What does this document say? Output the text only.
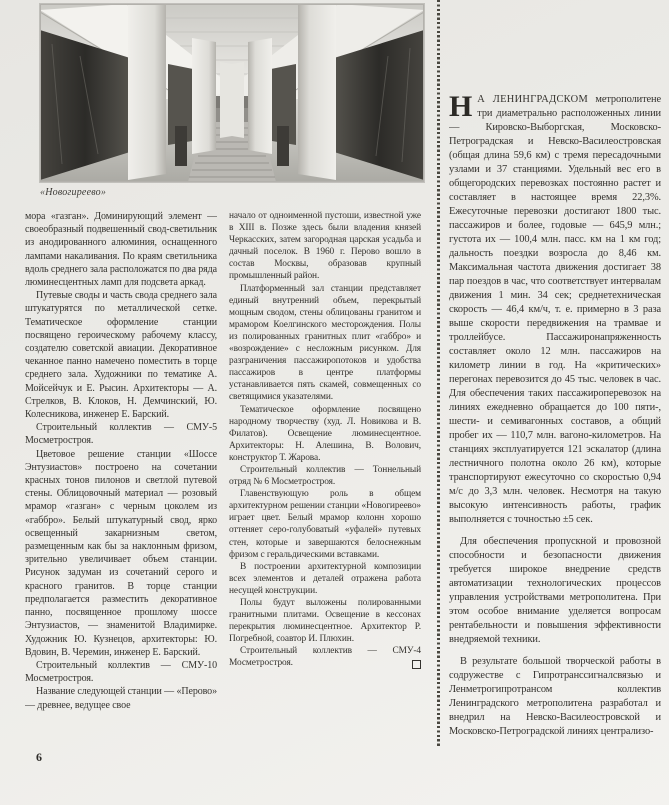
«Новогиреево»

мора «газган». Доминирующий элемент — своеобразный подвешенный свод-светильник из анодированного алюминия, оснащенного лампами накаливания. По краям светильника вдоль среднего зала расположатся по два ряда люминесцентных ламп для подсвета аркад.

Путевые своды и часть свода среднего зала штукатурятся по металлической сетке. Тематическое оформление станции посвящено героическому рабочему классу, создателю советской авиации. Декоративное чеканное панно намечено поместить в торце среднего зала. Художники по тематике А. Мойсейчук и Е. Рысин. Архитекторы — А. Стрелков, В. Клоков, Н. Демчинский, Ю. Колесникова, инженер Е. Барский.

Строительный коллектив — СМУ-5 Мосметростроя.

Цветовое решение станции «Шоссе Энтузиастов» построено на сочетании красных тонов пилонов и светлой путевой стены. Облицовочный материал — розовый мрамор «газган» с черным цоколем из «габбро». Белый штукатурный свод, ярко освещенный закарнизным светом, размещенным как бы за наклонным фризом, зрительно увеличивает объем станции. Рисунок задуман из сочетаний серого и красного гранитов. В торце станции предполагается разместить декоративное панно, посвященное прошлому шоссе Энтузиастов, — знаменитой Владимирке. Художник Ю. Кузнецов, архитекторы: Ю. Вдовин, В. Черемин, инженер Е. Барский.

Строительный коллектив — СМУ-10 Мосметростроя.

Название следующей станции — «Перово» — древнее, ведущее свое

начало от одноименной пустоши, известной уже в XIII в. Позже здесь были владения князей Черкасских, затем загородная царская усадьба и дачный поселок. В 1960 г. Перово вошло в состав Москвы, образовав крупный промышленный район.

Платформенный зал станции представляет единый внутренний объем, перекрытый мощным сводом, стены облицованы гранитом и мрамором Коелгинского месторождения. Полы из полированных гранитных плит «габбро» и «возрождение» с несложным рисунком. Для разграничения пассажиропотоков и удобства пассажиров в центре платформы устанавливается пять скамей, совмещенных со светящимися указателями.

Тематическое оформление посвящено народному творчеству (худ. Л. Новикова и В. Филатов). Освещение люминесцентное. Архитекторы: Н. Алешина, В. Волович, конструктор Т. Жарова.

Строительный коллектив — Тоннельный отряд № 6 Мосметростроя.

Главенствующую роль в общем архитектурном решении станции «Новогиреево» играет цвет. Белый мрамор колонн хорошо оттеняет серо-голубоватый «уфалей» путевых стен, которые и завершаются белоснежным фризом с геральдическими вставками.

В построении архитектурной композиции всех элементов и деталей отражена работа несущей конструкции.

Полы будут выложены полированными гранитными плитами. Освещение в кессонах перекрытия люминесцентное. Архитектор Р. Погребной, соавтор И. Плюхин.

Строительный коллектив — СМУ-4 Мосметростроя.

Н А ЛЕНИНГРАДСКОМ метрополитене три диаметрально расположенных линии — Кировско-Выборгская, Московско-Петроградская и Невско-Василеостровская (общая длина 59,6 км) с тремя пересадочными узлами и 37 станциями. Удельный вес его в общегородских перевозках постоянно растет и составляет в настоящее время 22,3%. Ежесуточные перевозки достигают 1800 тыс. пассажиров и более, годовые — 645,9 млн.; густота их — 100,4 млн. пасс. км на 1 км год; дальность поездки возросла до 8,46 км. Максимальная частота движения достигает 38 пар поездов в час, что соответствует интервалам движения 1 мин. 34 сек; среднетехническая скорость — 46,4 км/ч, т. е. примерно в 3 раза выше скорости передвижения на трамвае и троллейбусе. Пассажиронапряженность составляет около 12 млн. пассажиров на километр линии в год. На «критических» перегонах перевозится до 45 тыс. человек в час. Для обеспечения таких пассажироперевозок на линиях ежедневно обращается до 100 пяти-, шести- и семивагонных составов, а общий пробег их — 110,7 млн. вагоно-километров. На станциях эксплуатируется 121 эскалатор (длина лестничного полотна около 26 км), которые транспортируют ежесуточно со скоростью 0,94 м/с до 3,3 млн. человек. Несмотря на такую высокую интенсивность работы, график выполняется с точностью ±5 сек.

Для обеспечения пропускной и провозной способности и безопасности движения требуется широкое внедрение средств автоматизации технологических процессов управления устройствами метрополитена. При этом особое внимание уделяется вопросам рентабельности и повышения эффективности внедряемой техники.

В результате большой творческой работы в содружестве с Гипротранссигналсвязью и Ленметрогипротрансом коллектив Ленинградского метрополитена разработал и внедрил на Невско-Василеостровской и Московско-Петроградской линиях централизо-

6
